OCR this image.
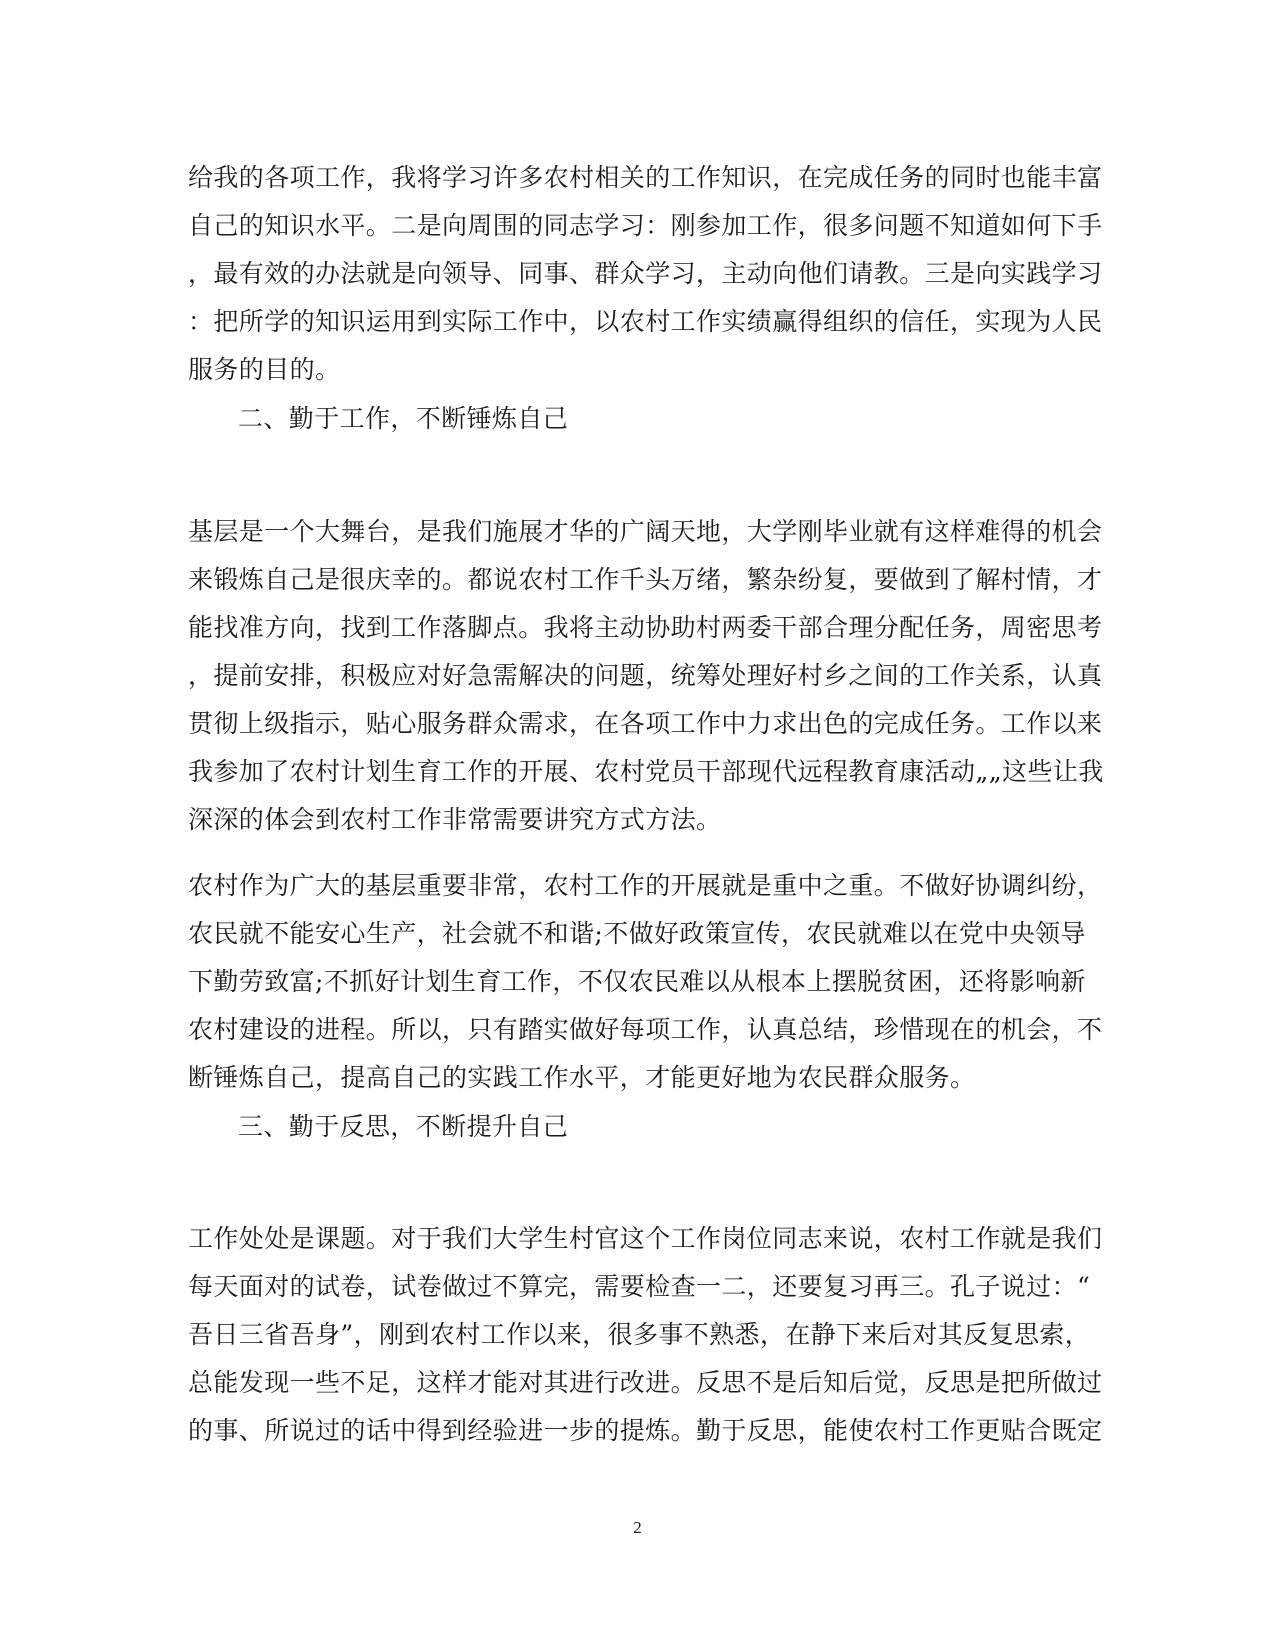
给我的各项工作，我将学习许多农村相关的工作知识，在完成任务的同时也能丰富
自己的知识水平。二是向周围的同志学习：刚参加工作，很多问题不知道如何下手
，最有效的办法就是向领导、同事、群众学习，主动向他们请教。三是向实践学习
：把所学的知识运用到实际工作中，以农村工作实绩赢得组织的信任，实现为人民
服务的目的。
二、勤于工作，不断锤炼自己
基层是一个大舞台，是我们施展才华的广阔天地，大学刚毕业就有这样难得的机会
来锻炼自己是很庆幸的。都说农村工作千头万绪，繁杂纷复，要做到了解村情，才
能找准方向，找到工作落脚点。我将主动协助村两委干部合理分配任务，周密思考
，提前安排，积极应对好急需解决的问题，统筹处理好村乡之间的工作关系，认真
贯彻上级指示，贴心服务群众需求，在各项工作中力求出色的完成任务。工作以来
我参加了农村计划生育工作的开展、农村党员干部现代远程教育康活动„„这些让我
深深的体会到农村工作非常需要讲究方式方法。
农村作为广大的基层重要非常，农村工作的开展就是重中之重。不做好协调纠纷，
农民就不能安心生产，社会就不和谐;不做好政策宣传，农民就难以在党中央领导
下勤劳致富;不抓好计划生育工作，不仅农民难以从根本上摆脱贫困，还将影响新
农村建设的进程。所以，只有踏实做好每项工作，认真总结，珍惜现在的机会，不
断锤炼自己，提高自己的实践工作水平，才能更好地为农民群众服务。
三、勤于反思，不断提升自己
工作处处是课题。对于我们大学生村官这个工作岗位同志来说，农村工作就是我们
每天面对的试卷，试卷做过不算完，需要检查一二，还要复习再三。孔子说过：“
吾日三省吾身”，刚到农村工作以来，很多事不熟悉，在静下来后对其反复思索，
总能发现一些不足，这样才能对其进行改进。反思不是后知后觉，反思是把所做过
的事、所说过的话中得到经验进一步的提炼。勤于反思，能使农村工作更贴合既定
2
